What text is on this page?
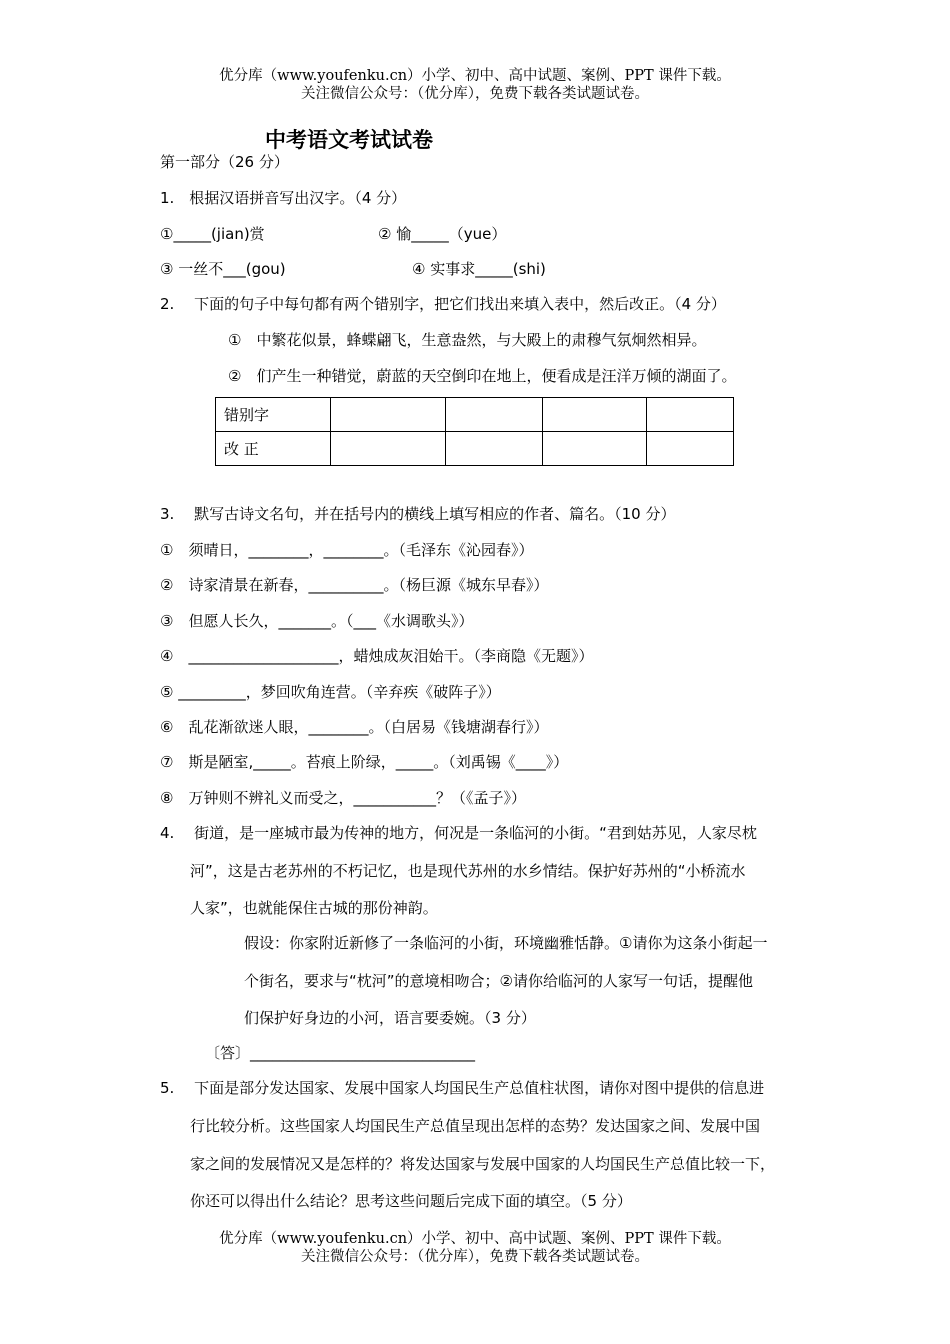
优分库（www.youfenku.cn）小学、初中、高中试题、案例、PPT 课件下载。
关注微信公众号：（优分库），免费下载各类试题试卷。
中考语文考试试卷
第一部分（26 分）
1.　根据汉语拼音写出汉字。（4 分）
①_____(jian)赏	② 愉_____（yue）
③ 一丝不___(gou)	④ 实事求_____(shi)
2.　 下面的句子中每句都有两个错别字，把它们找出来填入表中，然后改正。（4 分）
①　中繁花似景，蜂蝶翩飞，生意盎然，与大殿上的肃穆气氛炯然相异。
②　们产生一种错觉，蔚蓝的天空倒印在地上，便看成是汪洋万倾的湖面了。
错别字				
改 正				
3.　 默写古诗文名句，并在括号内的横线上填写相应的作者、篇名。（10 分）
①　须晴日，________，________。（毛泽东《沁园春》）
②　诗家清景在新春，__________。（杨巨源《城东早春》）
③　但愿人长久，_______。（___《水调歌头》）
④　____________________，蜡烛成灰泪始干。（李商隐《无题》）
⑤ _________，梦回吹角连营。（辛弃疾《破阵子》）
⑥　乱花渐欲迷人眼，________。（白居易《钱塘湖春行》）
⑦　斯是陋室,_____。苔痕上阶绿，_____。（刘禹锡《____》）
⑧　万钟则不辨礼义而受之，___________？（《孟子》）
4.　 街道，是一座城市最为传神的地方，何况是一条临河的小街。“君到姑苏见，人家尽枕
河”，这是古老苏州的不朽记忆，也是现代苏州的水乡情结。保护好苏州的“小桥流水
人家”，也就能保住古城的那份神韵。
假设：你家附近新修了一条临河的小街，环境幽雅恬静。①请你为这条小街起一
个街名，要求与“枕河”的意境相吻合；②请你给临河的人家写一句话，提醒他
们保护好身边的小河，语言要委婉。（3 分）
〔答〕______________________________
5.　 下面是部分发达国家、发展中国家人均国民生产总值柱状图，请你对图中提供的信息进
行比较分析。这些国家人均国民生产总值呈现出怎样的态势？发达国家之间、发展中国
家之间的发展情况又是怎样的？将发达国家与发展中国家的人均国民生产总值比较一下，
你还可以得出什么结论？思考这些问题后完成下面的填空。（5 分）
优分库（www.youfenku.cn）小学、初中、高中试题、案例、PPT 课件下载。
关注微信公众号：（优分库），免费下载各类试题试卷。
